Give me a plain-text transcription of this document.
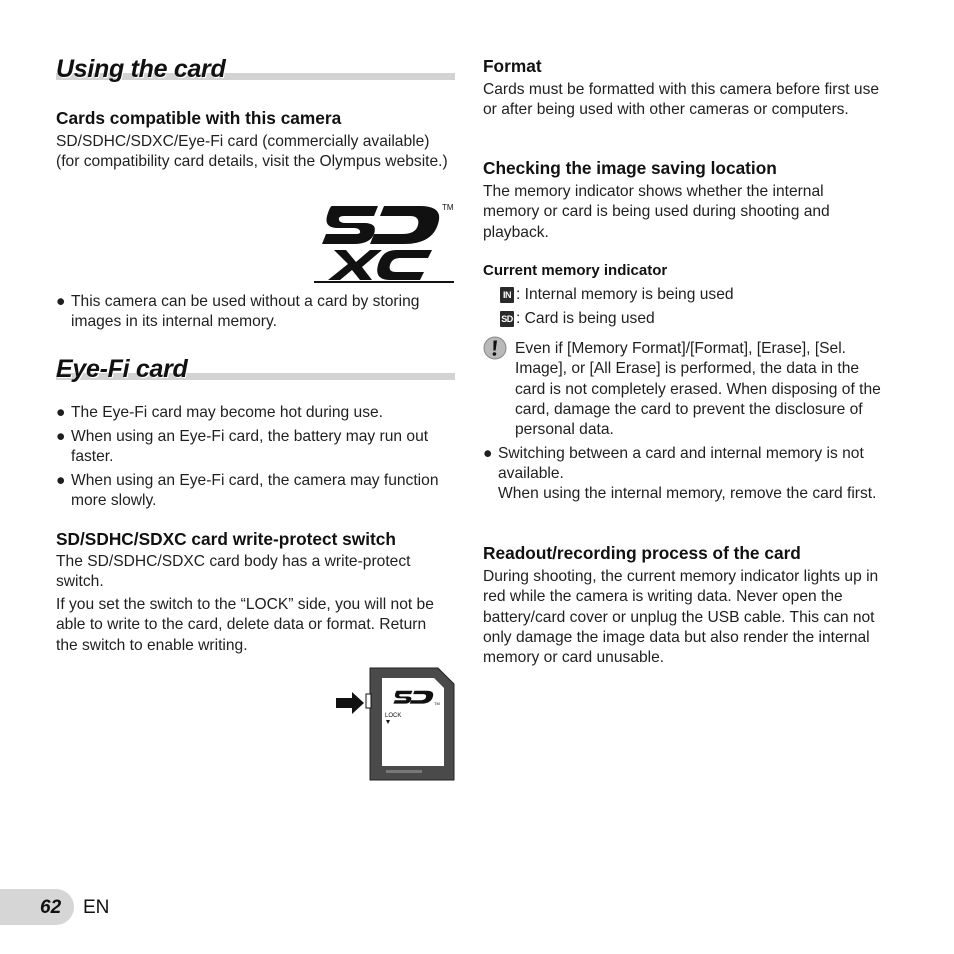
Using the card
Cards compatible with this camera

SD/SDHC/SDXC/Eye-Fi card (commercially available) (for compatibility card details, visit the Olympus website.)

TM
● This camera can be used without a card by storing images in its internal memory.
Eye-Fi card
● The Eye-Fi card may become hot during use.
● When using an Eye-Fi card, the battery may run out faster.
● When using an Eye-Fi card, the camera may function more slowly.
SD/SDHC/SDXC card write-protect switch

The SD/SDHC/SDXC card body has a write-protect switch.

If you set the switch to the “LOCK” side, you will not be able to write to the card, delete data or format. Return the switch to enable writing.

LOCK
TM
Format

Cards must be formatted with this camera before first use or after being used with other cameras or computers.

Checking the image saving location

The memory indicator shows whether the internal memory or card is being used during shooting and playback.

Current memory indicator
IN : Internal memory is being used
SD : Card is being used

Even if [Memory Format]/[Format], [Erase], [Sel. Image], or [All Erase] is performed, the data in the card is not completely erased. When disposing of the card, damage the card to prevent the disclosure of personal data.

● Switching between a card and internal memory is not available.
When using the internal memory, remove the card first.
Readout/recording process of the card

During shooting, the current memory indicator lights up in red while the camera is writing data. Never open the battery/card cover or unplug the USB cable. This can not only damage the image data but also render the internal memory or card unusable.

62 EN
